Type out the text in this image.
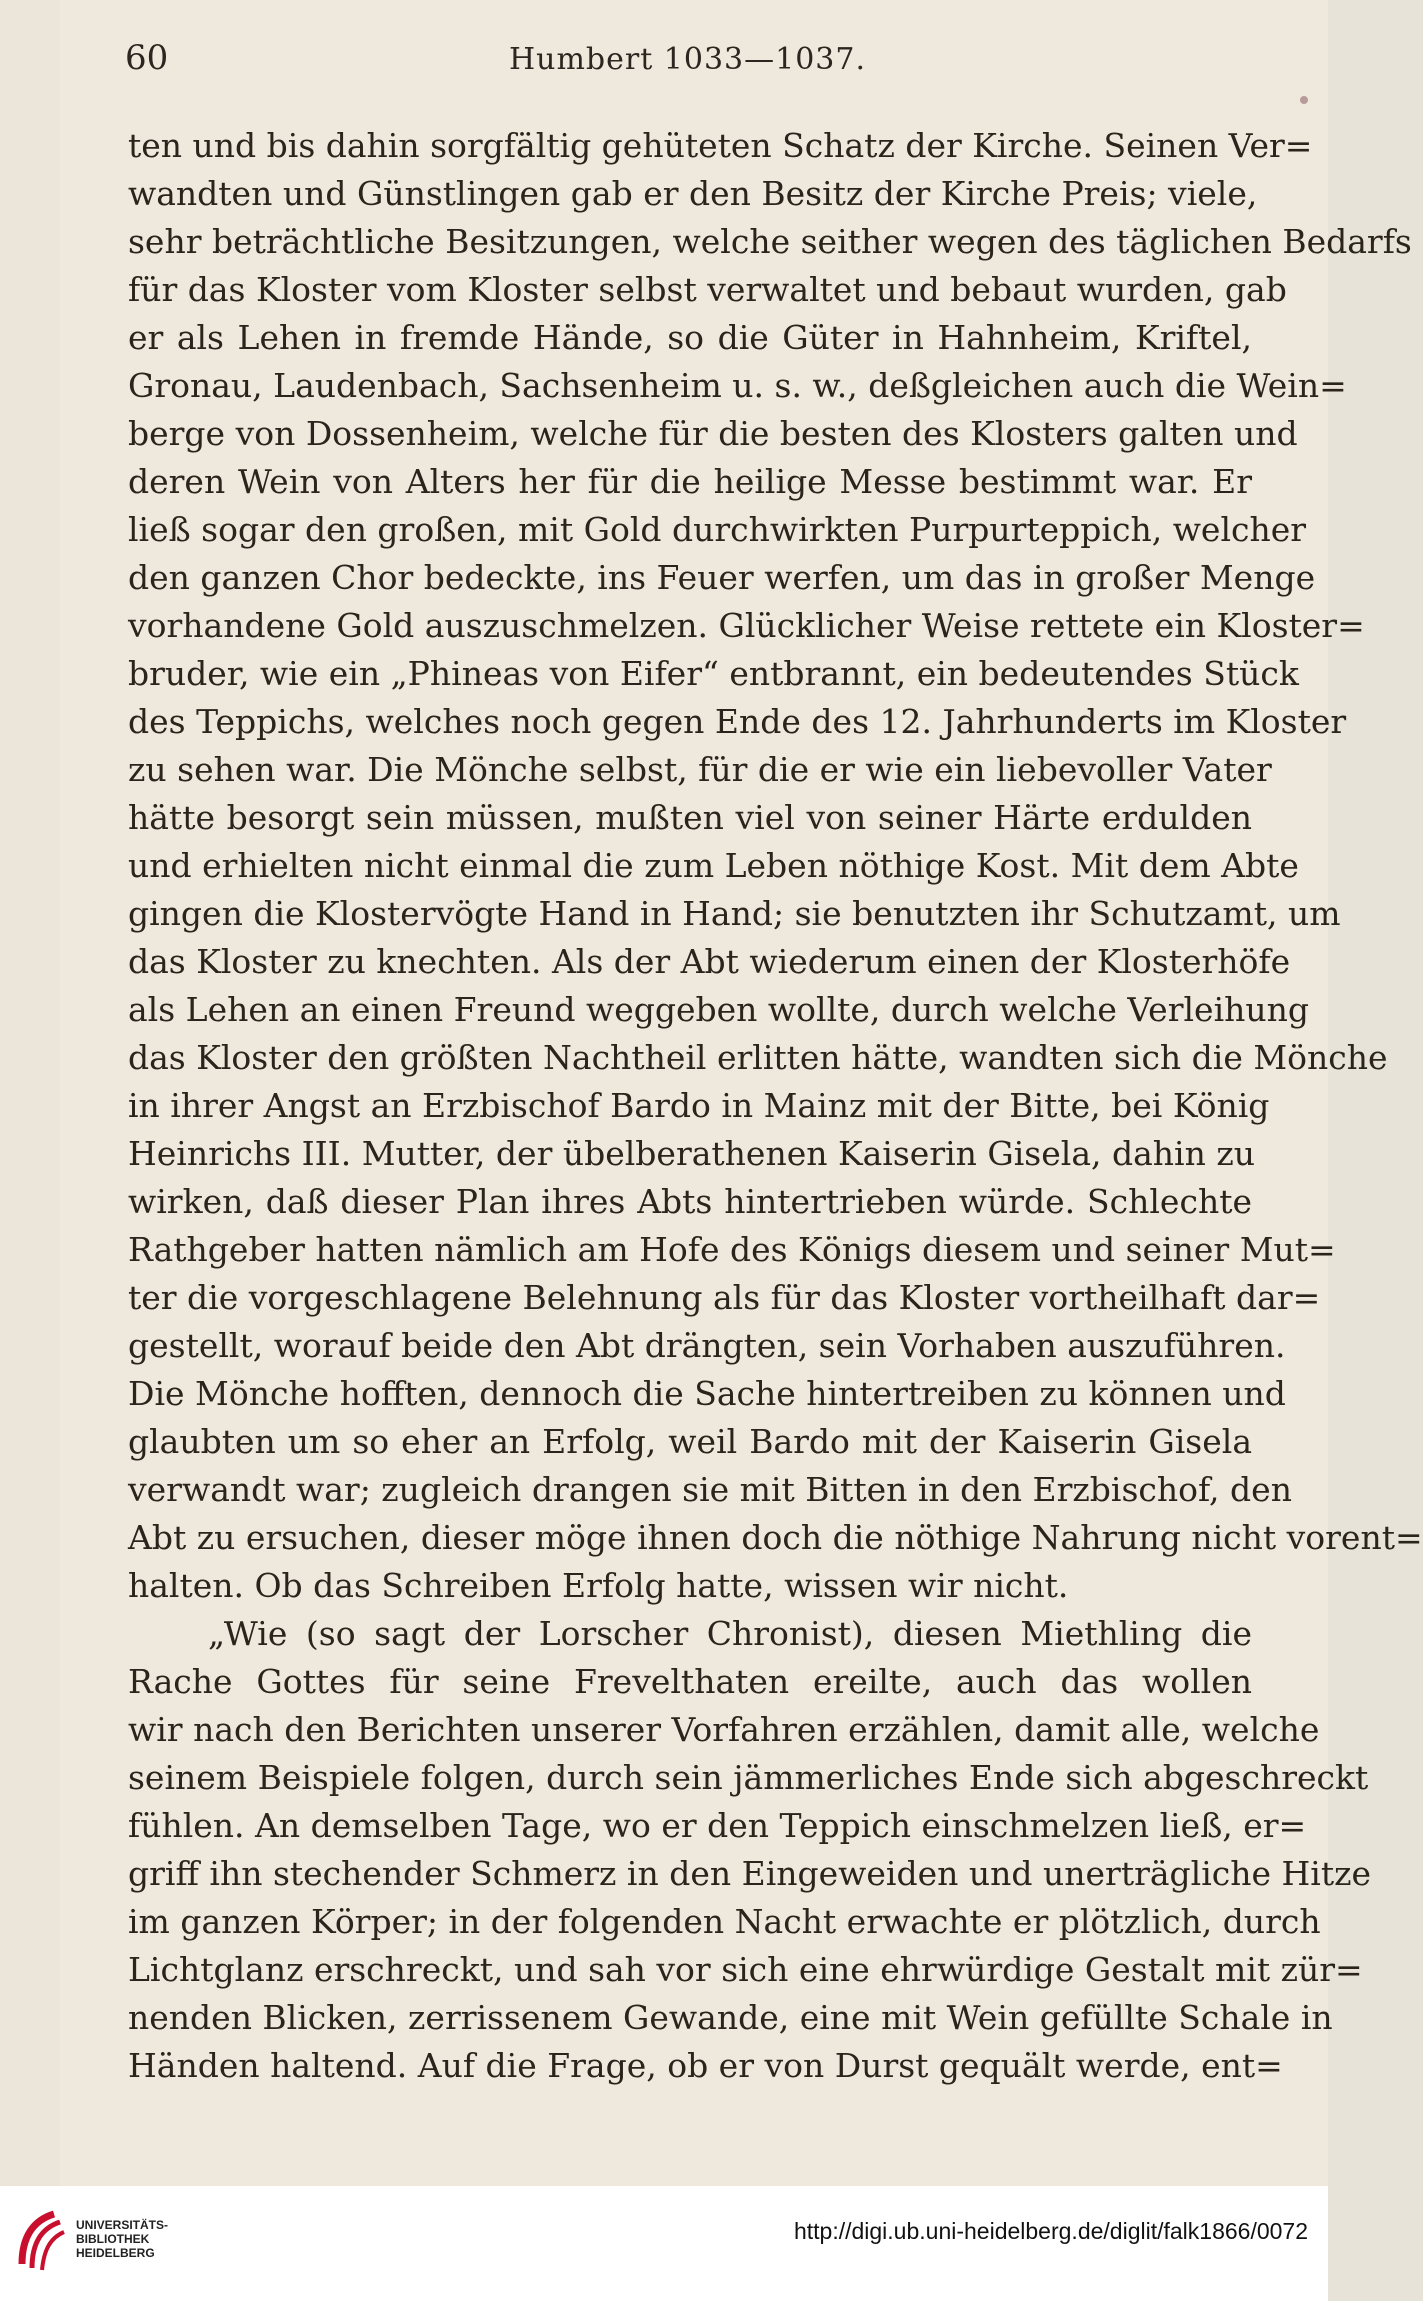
60	Humbert 1033—1037.
ten und bis dahin sorgfältig gehüteten Schatz der Kirche. Seinen Ver=
wandten und Günstlingen gab er den Besitz der Kirche Preis; viele,
sehr beträchtliche Besitzungen, welche seither wegen des täglichen Bedarfs
für das Kloster vom Kloster selbst verwaltet und bebaut wurden, gab
er als Lehen in fremde Hände, so die Güter in Hahnheim, Kriftel,
Gronau, Laudenbach, Sachsenheim u. s. w., deßgleichen auch die Wein=
berge von Dossenheim, welche für die besten des Klosters galten und
deren Wein von Alters her für die heilige Messe bestimmt war. Er
ließ sogar den großen, mit Gold durchwirkten Purpurteppich, welcher
den ganzen Chor bedeckte, ins Feuer werfen, um das in großer Menge
vorhandene Gold auszuschmelzen. Glücklicher Weise rettete ein Kloster=
bruder, wie ein „Phineas von Eifer“ entbrannt, ein bedeutendes Stück
des Teppichs, welches noch gegen Ende des 12. Jahrhunderts im Kloster
zu sehen war. Die Mönche selbst, für die er wie ein liebevoller Vater
hätte besorgt sein müssen, mußten viel von seiner Härte erdulden
und erhielten nicht einmal die zum Leben nöthige Kost. Mit dem Abte
gingen die Klostervögte Hand in Hand; sie benutzten ihr Schutzamt, um
das Kloster zu knechten. Als der Abt wiederum einen der Klosterhöfe
als Lehen an einen Freund weggeben wollte, durch welche Verleihung
das Kloster den größten Nachtheil erlitten hätte, wandten sich die Mönche
in ihrer Angst an Erzbischof Bardo in Mainz mit der Bitte, bei König
Heinrichs III. Mutter, der übelberathenen Kaiserin Gisela, dahin zu
wirken, daß dieser Plan ihres Abts hintertrieben würde. Schlechte
Rathgeber hatten nämlich am Hofe des Königs diesem und seiner Mut=
ter die vorgeschlagene Belehnung als für das Kloster vortheilhaft dar=
gestellt, worauf beide den Abt drängten, sein Vorhaben auszuführen.
Die Mönche hofften, dennoch die Sache hintertreiben zu können und
glaubten um so eher an Erfolg, weil Bardo mit der Kaiserin Gisela
verwandt war; zugleich drangen sie mit Bitten in den Erzbischof, den
Abt zu ersuchen, dieser möge ihnen doch die nöthige Nahrung nicht vorent=
halten. Ob das Schreiben Erfolg hatte, wissen wir nicht.
„Wie (so sagt der Lorscher Chronist), diesen Miethling die
Rache Gottes für seine Frevelthaten ereilte, auch das wollen
wir nach den Berichten unserer Vorfahren erzählen, damit alle, welche
seinem Beispiele folgen, durch sein jämmerliches Ende sich abgeschreckt
fühlen. An demselben Tage, wo er den Teppich einschmelzen ließ, er=
griff ihn stechender Schmerz in den Eingeweiden und unerträgliche Hitze
im ganzen Körper; in der folgenden Nacht erwachte er plötzlich, durch
Lichtglanz erschreckt, und sah vor sich eine ehrwürdige Gestalt mit zür=
nenden Blicken, zerrissenem Gewande, eine mit Wein gefüllte Schale in
Händen haltend. Auf die Frage, ob er von Durst gequält werde, ent=
UNIVERSITÄTS-
BIBLIOTHEK
HEIDELBERG
http://digi.ub.uni-heidelberg.de/diglit/falk1866/0072
